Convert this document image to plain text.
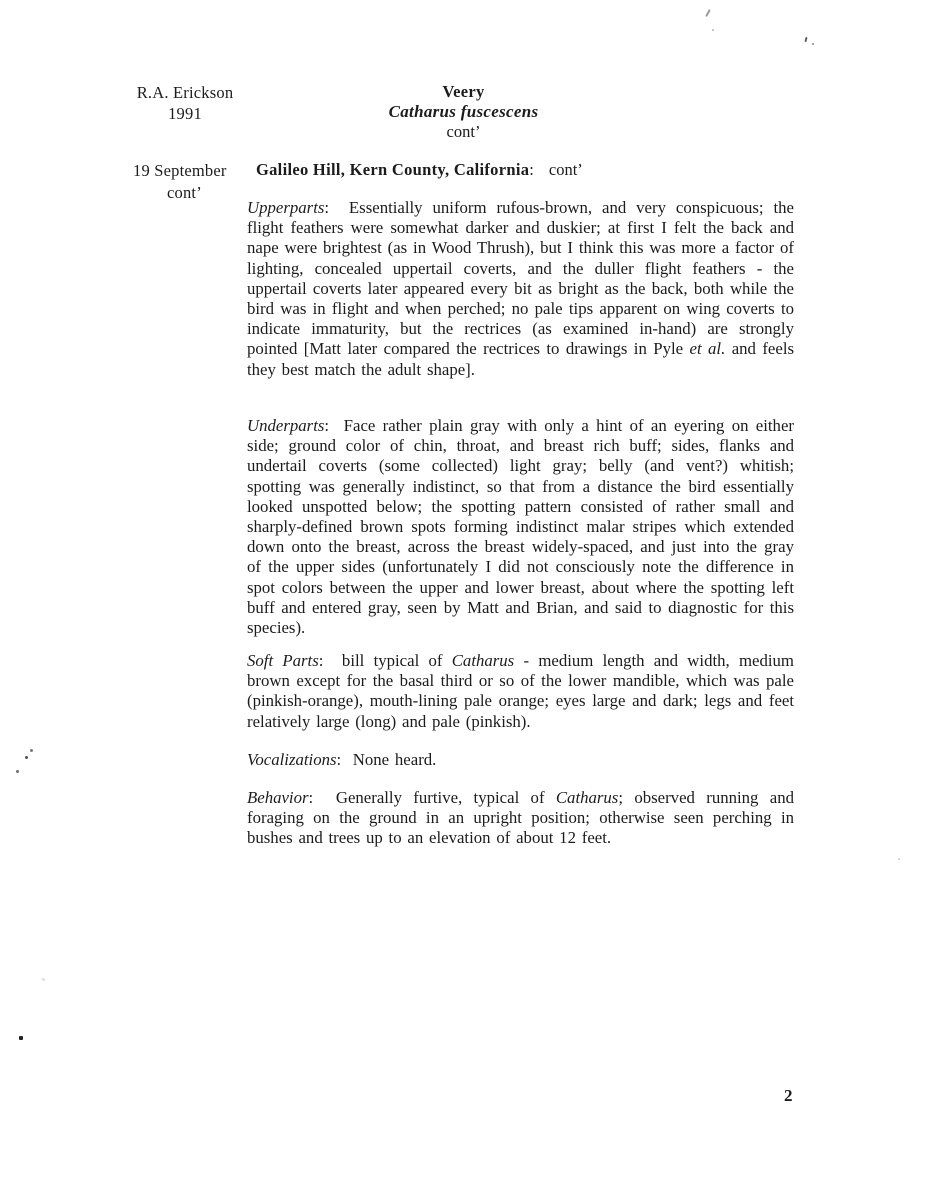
R.A. Erickson
1991
Veery
Catharus fuscescens
cont’
19 September
cont’
Galileo Hill, Kern County, California: cont’

Upperparts:  Essentially uniform rufous-brown, and very conspicuous; the flight feathers were somewhat darker and duskier; at first I felt the back and nape were brightest (as in Wood Thrush), but I think this was more a factor of lighting, concealed uppertail coverts, and the duller flight feathers - the uppertail coverts later appeared every bit as bright as the back, both while the bird was in flight and when perched; no pale tips apparent on wing coverts to indicate immaturity, but the rectrices (as examined in-hand) are strongly pointed [Matt later compared the rectrices to drawings in Pyle et al. and feels they best match the adult shape].

Underparts:  Face rather plain gray with only a hint of an eyering on either side; ground color of chin, throat, and breast rich buff; sides, flanks and undertail coverts (some collected) light gray; belly (and vent?) whitish; spotting was generally indistinct, so that from a distance the bird essentially looked unspotted below; the spotting pattern consisted of rather small and sharply-defined brown spots forming indistinct malar stripes which extended down onto the breast, across the breast widely-spaced, and just into the gray of the upper sides (unfortunately I did not consciously note the difference in spot colors between the upper and lower breast, about where the spotting left buff and entered gray, seen by Matt and Brian, and said to diagnostic for this species).

Soft Parts:  bill typical of Catharus - medium length and width, medium brown except for the basal third or so of the lower mandible, which was pale (pinkish-orange), mouth-lining pale orange; eyes large and dark; legs and feet relatively large (long) and pale (pinkish).

Vocalizations:  None heard.

Behavior:  Generally furtive, typical of Catharus; observed running and foraging on the ground in an upright position; otherwise seen perching in bushes and trees up to an elevation of about 12 feet.

2
